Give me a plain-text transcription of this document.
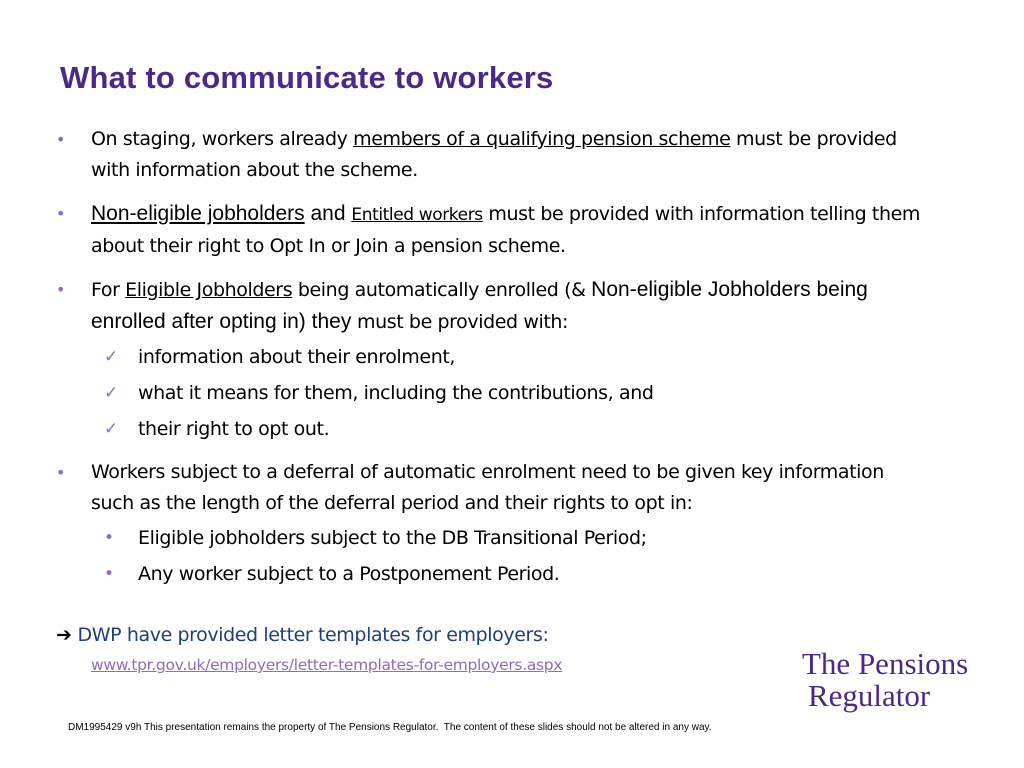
What to communicate to workers
• On staging, workers already members of a qualifying pension scheme must be provided with information about the scheme.
• Non-eligible jobholders and Entitled workers must be provided with information telling them about their right to Opt In or Join a pension scheme.
• For Eligible Jobholders being automatically enrolled (& Non-eligible Jobholders being enrolled after opting in) they must be provided with:
✓ information about their enrolment,
✓ what it means for them, including the contributions, and
✓ their right to opt out.
• Workers subject to a deferral of automatic enrolment need to be given key information such as the length of the deferral period and their rights to opt in:
• Eligible jobholders subject to the DB Transitional Period;
• Any worker subject to a Postponement Period.
➔ DWP have provided letter templates for employers:
www.tpr.gov.uk/employers/letter-templates-for-employers.aspx	The Pensions
Regulator
DM1995429 v9h This presentation remains the property of The Pensions Regulator.  The content of these slides should not be altered in any way.
